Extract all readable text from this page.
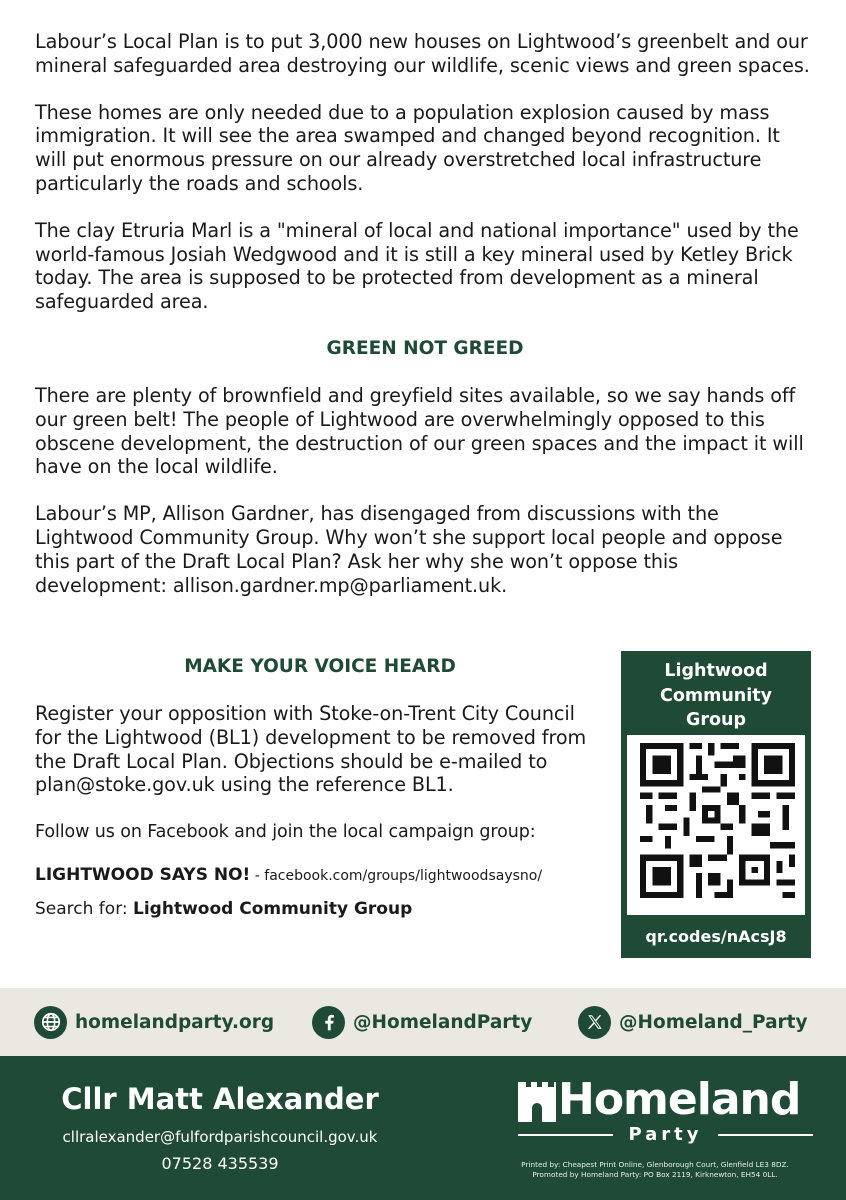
Labour’s Local Plan is to put 3,000 new houses on Lightwood’s greenbelt and our mineral safeguarded area destroying our wildlife, scenic views and green spaces.

These homes are only needed due to a population explosion caused by mass immigration. It will see the area swamped and changed beyond recognition. It will put enormous pressure on our already overstretched local infrastructure particularly the roads and schools.

The clay Etruria Marl is a "mineral of local and national importance" used by the world-famous Josiah Wedgwood and it is still a key mineral used by Ketley Brick today. The area is supposed to be protected from development as a mineral safeguarded area.

GREEN NOT GREED

There are plenty of brownfield and greyfield sites available, so we say hands off our green belt! The people of Lightwood are overwhelmingly opposed to this obscene development, the destruction of our green spaces and the impact it will have on the local wildlife.

Labour’s MP, Allison Gardner, has disengaged from discussions with the Lightwood Community Group. Why won’t she support local people and oppose this part of the Draft Local Plan? Ask her why she won’t oppose this development: allison.gardner.mp@parliament.uk.

MAKE YOUR VOICE HEARD

Register your opposition with Stoke-on-Trent City Council for the Lightwood (BL1) development to be removed from the Draft Local Plan. Objections should be e-mailed to plan@stoke.gov.uk using the reference BL1.

Follow us on Facebook and join the local campaign group:

LIGHTWOOD SAYS NO! - facebook.com/groups/lightwoodsaysno/

Search for: Lightwood Community Group

Lightwood Community Group
qr.codes/nAcsJ8
homelandparty.org	@HomelandParty	@Homeland_Party
Cllr Matt Alexander
cllralexander@fulfordparishcouncil.gov.uk
07528 435539
Homeland
Party
Printed by: Cheapest Print Online, Glenborough Court, Glenfield LE3 8DZ.
Promoted by Homeland Party: PO Box 2119, Kirknewton, EH54 0LL.
